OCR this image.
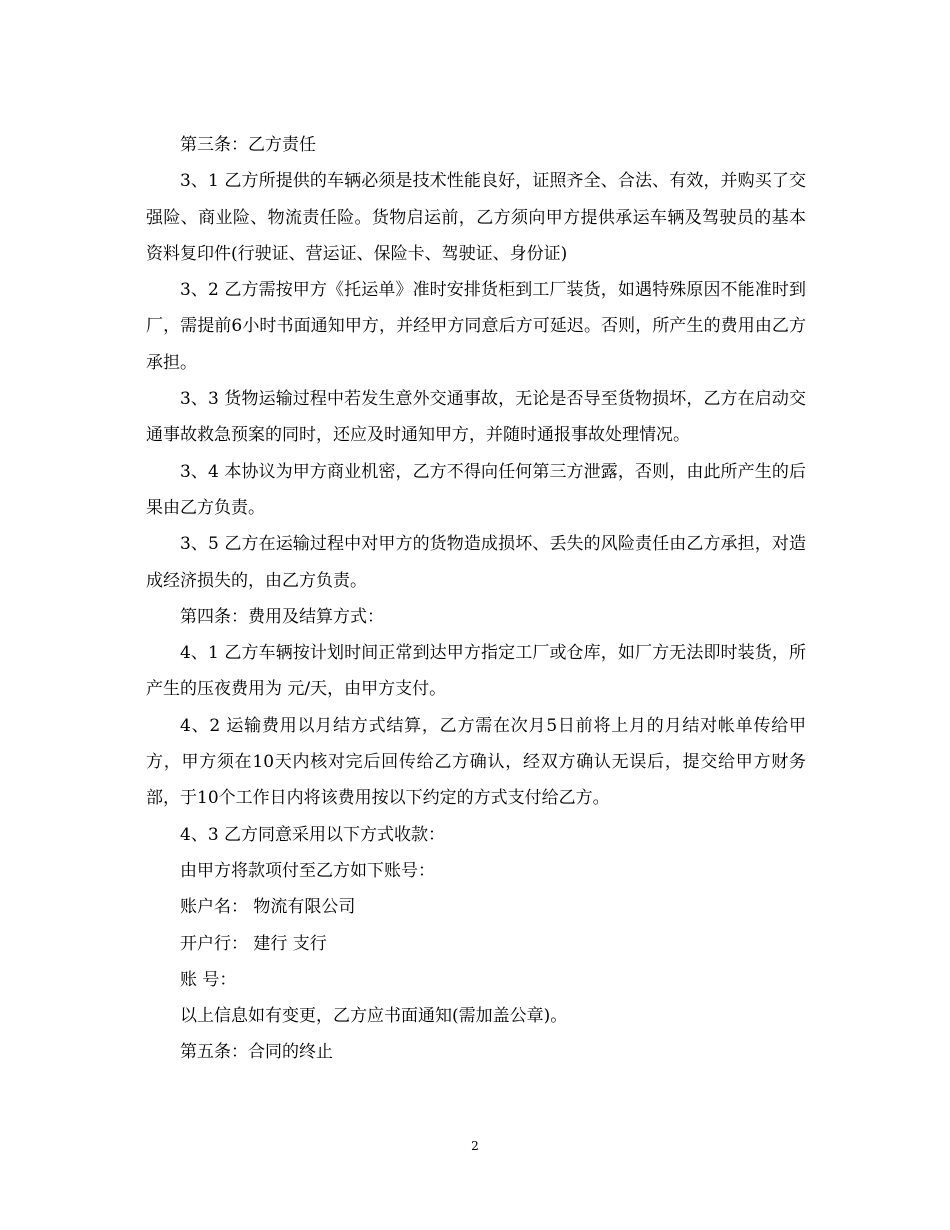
第三条：乙方责任

3、1 乙方所提供的车辆必须是技术性能良好，证照齐全、合法、有效，并购买了交强险、商业险、物流责任险。货物启运前，乙方须向甲方提供承运车辆及驾驶员的基本资料复印件(行驶证、营运证、保险卡、驾驶证、身份证)

3、2 乙方需按甲方《托运单》准时安排货柜到工厂装货，如遇特殊原因不能准时到厂，需提前6小时书面通知甲方，并经甲方同意后方可延迟。否则，所产生的费用由乙方承担。

3、3 货物运输过程中若发生意外交通事故，无论是否导至货物损坏，乙方在启动交通事故救急预案的同时，还应及时通知甲方，并随时通报事故处理情况。

3、4 本协议为甲方商业机密，乙方不得向任何第三方泄露，否则，由此所产生的后果由乙方负责。

3、5 乙方在运输过程中对甲方的货物造成损坏、丢失的风险责任由乙方承担，对造成经济损失的，由乙方负责。

第四条：费用及结算方式：

4、1 乙方车辆按计划时间正常到达甲方指定工厂或仓库，如厂方无法即时装货，所产生的压夜费用为 元/天，由甲方支付。

4、2 运输费用以月结方式结算，乙方需在次月5日前将上月的月结对帐单传给甲方，甲方须在10天内核对完后回传给乙方确认，经双方确认无误后，提交给甲方财务部，于10个工作日内将该费用按以下约定的方式支付给乙方。

4、3 乙方同意采用以下方式收款：

由甲方将款项付至乙方如下账号：

账户名： 物流有限公司

开户行： 建行 支行

账 号：

以上信息如有变更，乙方应书面通知(需加盖公章)。

第五条：合同的终止

2
